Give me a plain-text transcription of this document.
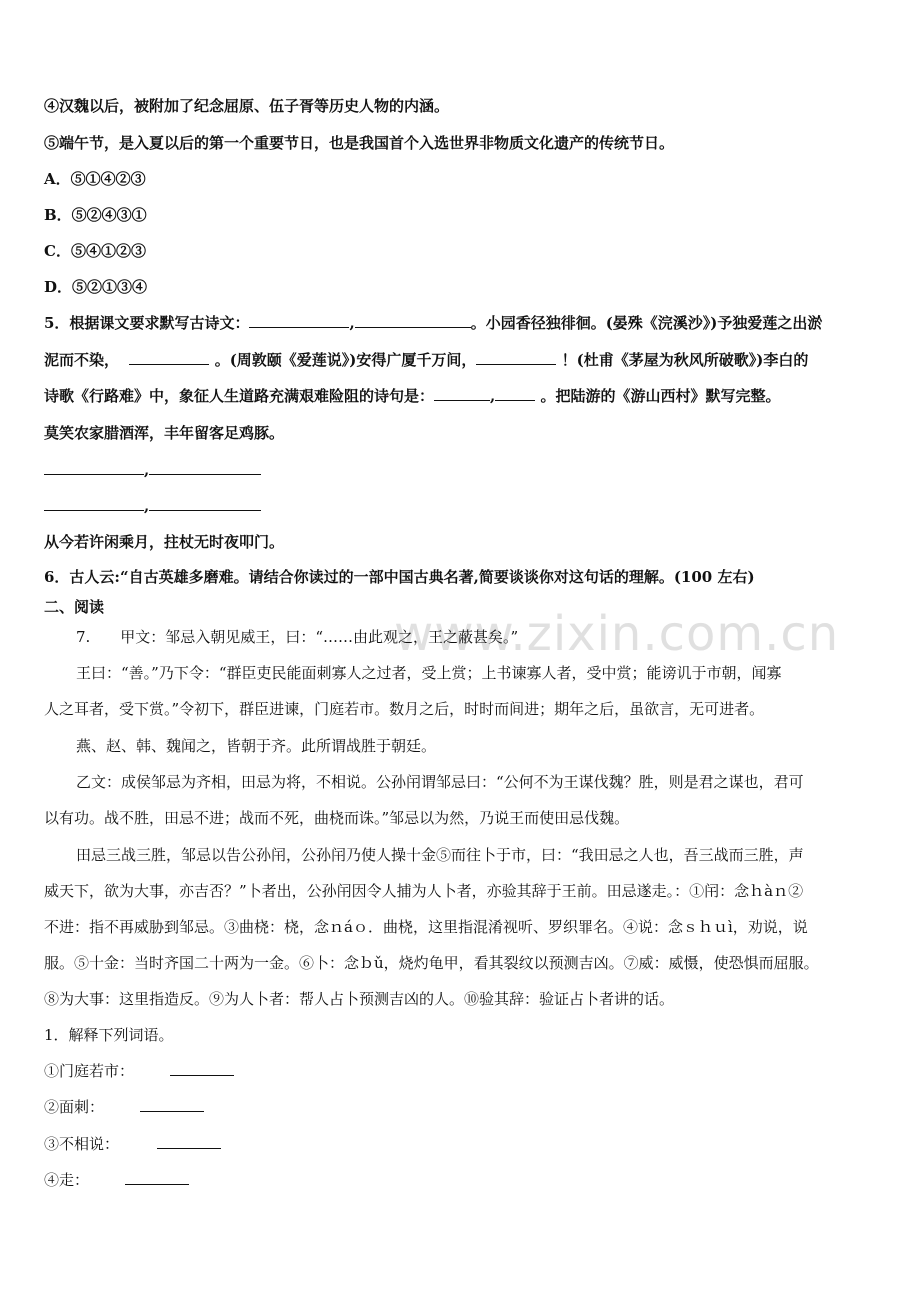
www.zixin.com.cn
④汉魏以后，被附加了纪念屈原、伍子胥等历史人物的内涵。
⑤端午节，是入夏以后的第一个重要节日，也是我国首个入选世界非物质文化遗产的传统节日。
A．⑤①④②③
B．⑤②④③①
C．⑤④①②③
D．⑤②①③④
5．根据课文要求默写古诗文：	,	。小园香径独徘徊。(晏殊《浣溪沙》)予独爱莲之出淤
泥而不染，	。(周敦颐《爱莲说》)安得广厦千万间，	！(杜甫《茅屋为秋风所破歌》)李白的
诗歌《行路难》中，象征人生道路充满艰难险阻的诗句是：	,	。把陆游的《游山西村》默写完整。
莫笑农家腊酒浑，丰年留客足鸡豚。
,
,
从今若许闲乘月，拄杖无时夜叩门。
6．古人云:“自古英雄多磨难。请结合你读过的一部中国古典名著,简要谈谈你对这句话的理解。(100 左右)
二、阅读
7.　　甲文：邹忌入朝见威王，曰：“……由此观之，王之蔽甚矣。”
王曰：“善。”乃下令：“群臣吏民能面刺寡人之过者，受上赏；上书谏寡人者，受中赏；能谤讥于市朝，闻寡
人之耳者，受下赏。”令初下，群臣进谏，门庭若市。数月之后，时时而间进；期年之后，虽欲言，无可进者。
燕、赵、韩、魏闻之，皆朝于齐。此所谓战胜于朝廷。
乙文：成侯邹忌为齐相，田忌为将，不相说。公孙闬谓邹忌曰：“公何不为王谋伐魏？胜，则是君之谋也，君可
以有功。战不胜，田忌不进；战而不死，曲桡而诛。”邹忌以为然，乃说王而使田忌伐魏。
田忌三战三胜，邹忌以告公孙闬，公孙闬乃使人操十金⑤而往卜于市，曰：“我田忌之人也，吾三战而三胜，声
威天下，欲为大事，亦吉否？”卜者出，公孙闬因令人捕为人卜者，亦验其辞于王前。田忌遂走。：①闬：念ｈàｎ②
不进：指不再威胁到邹忌。③曲桡：桡，念ｎáｏ．曲桡，这里指混淆视听、罗织罪名。④说：念ｓｈｕì，劝说，说
服。⑤十金：当时齐国二十两为一金。⑥卜：念ｂǔ，烧灼龟甲，看其裂纹以预测吉凶。⑦威：威慑，使恐惧而屈服。
⑧为大事：这里指造反。⑨为人卜者：帮人占卜预测吉凶的人。⑩验其辞：验证占卜者讲的话。
1．解释下列词语。
①门庭若市：
②面刺：
③不相说：
④走：
